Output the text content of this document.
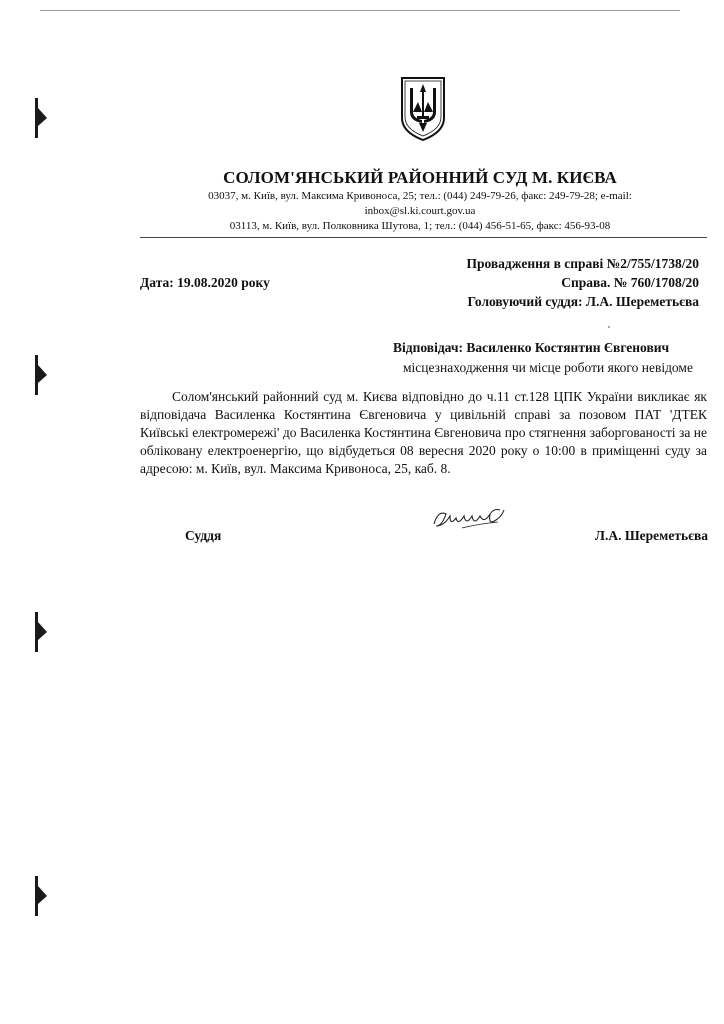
СОЛОМ'ЯНСЬКИЙ РАЙОННИЙ СУД М. КИЄВА
03037, м. Київ, вул. Максима Кривоноса, 25; тел.: (044) 249-79-26, факс: 249-79-28; e-mail:
inbox@sl.ki.court.gov.ua
03113, м. Київ, вул. Полковника Шутова, 1; тел.: (044) 456-51-65, факс: 456-93-08
Провадження в справі №2/755/1738/20
Дата: 19.08.2020 року	Справа. № 760/1708/20
Головуючий суддя: Л.А. Шереметьєва
Відповідач: Василенко Костянтин Євгенович
місцезнаходження чи місце роботи якого невідоме
Солом'янський районний суд м. Києва відповідно до ч.11 ст.128 ЦПК України викликає як відповідача Василенка Костянтина Євгеновича у цивільній справі за позовом ПАТ 'ДТЕК Київські електромережі' до Василенка Костянтина Євгеновича про стягнення заборгованості за не обліковану електроенергію, що відбудеться 08 вересня 2020 року о 10:00 в приміщенні суду за адресою: м. Київ, вул. Максима Кривоноса, 25, каб. 8.
Суддя	Л.А. Шереметьєва
